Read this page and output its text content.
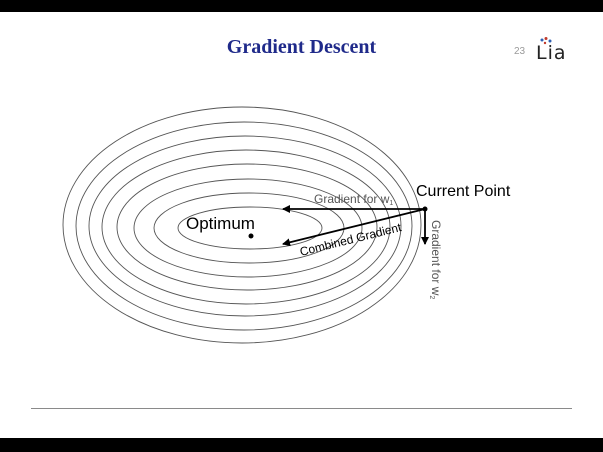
Gradient Descent	23 Lia
Optimum
Current Point
Gradient for w1
Gradient for w2
Combined Gradient
